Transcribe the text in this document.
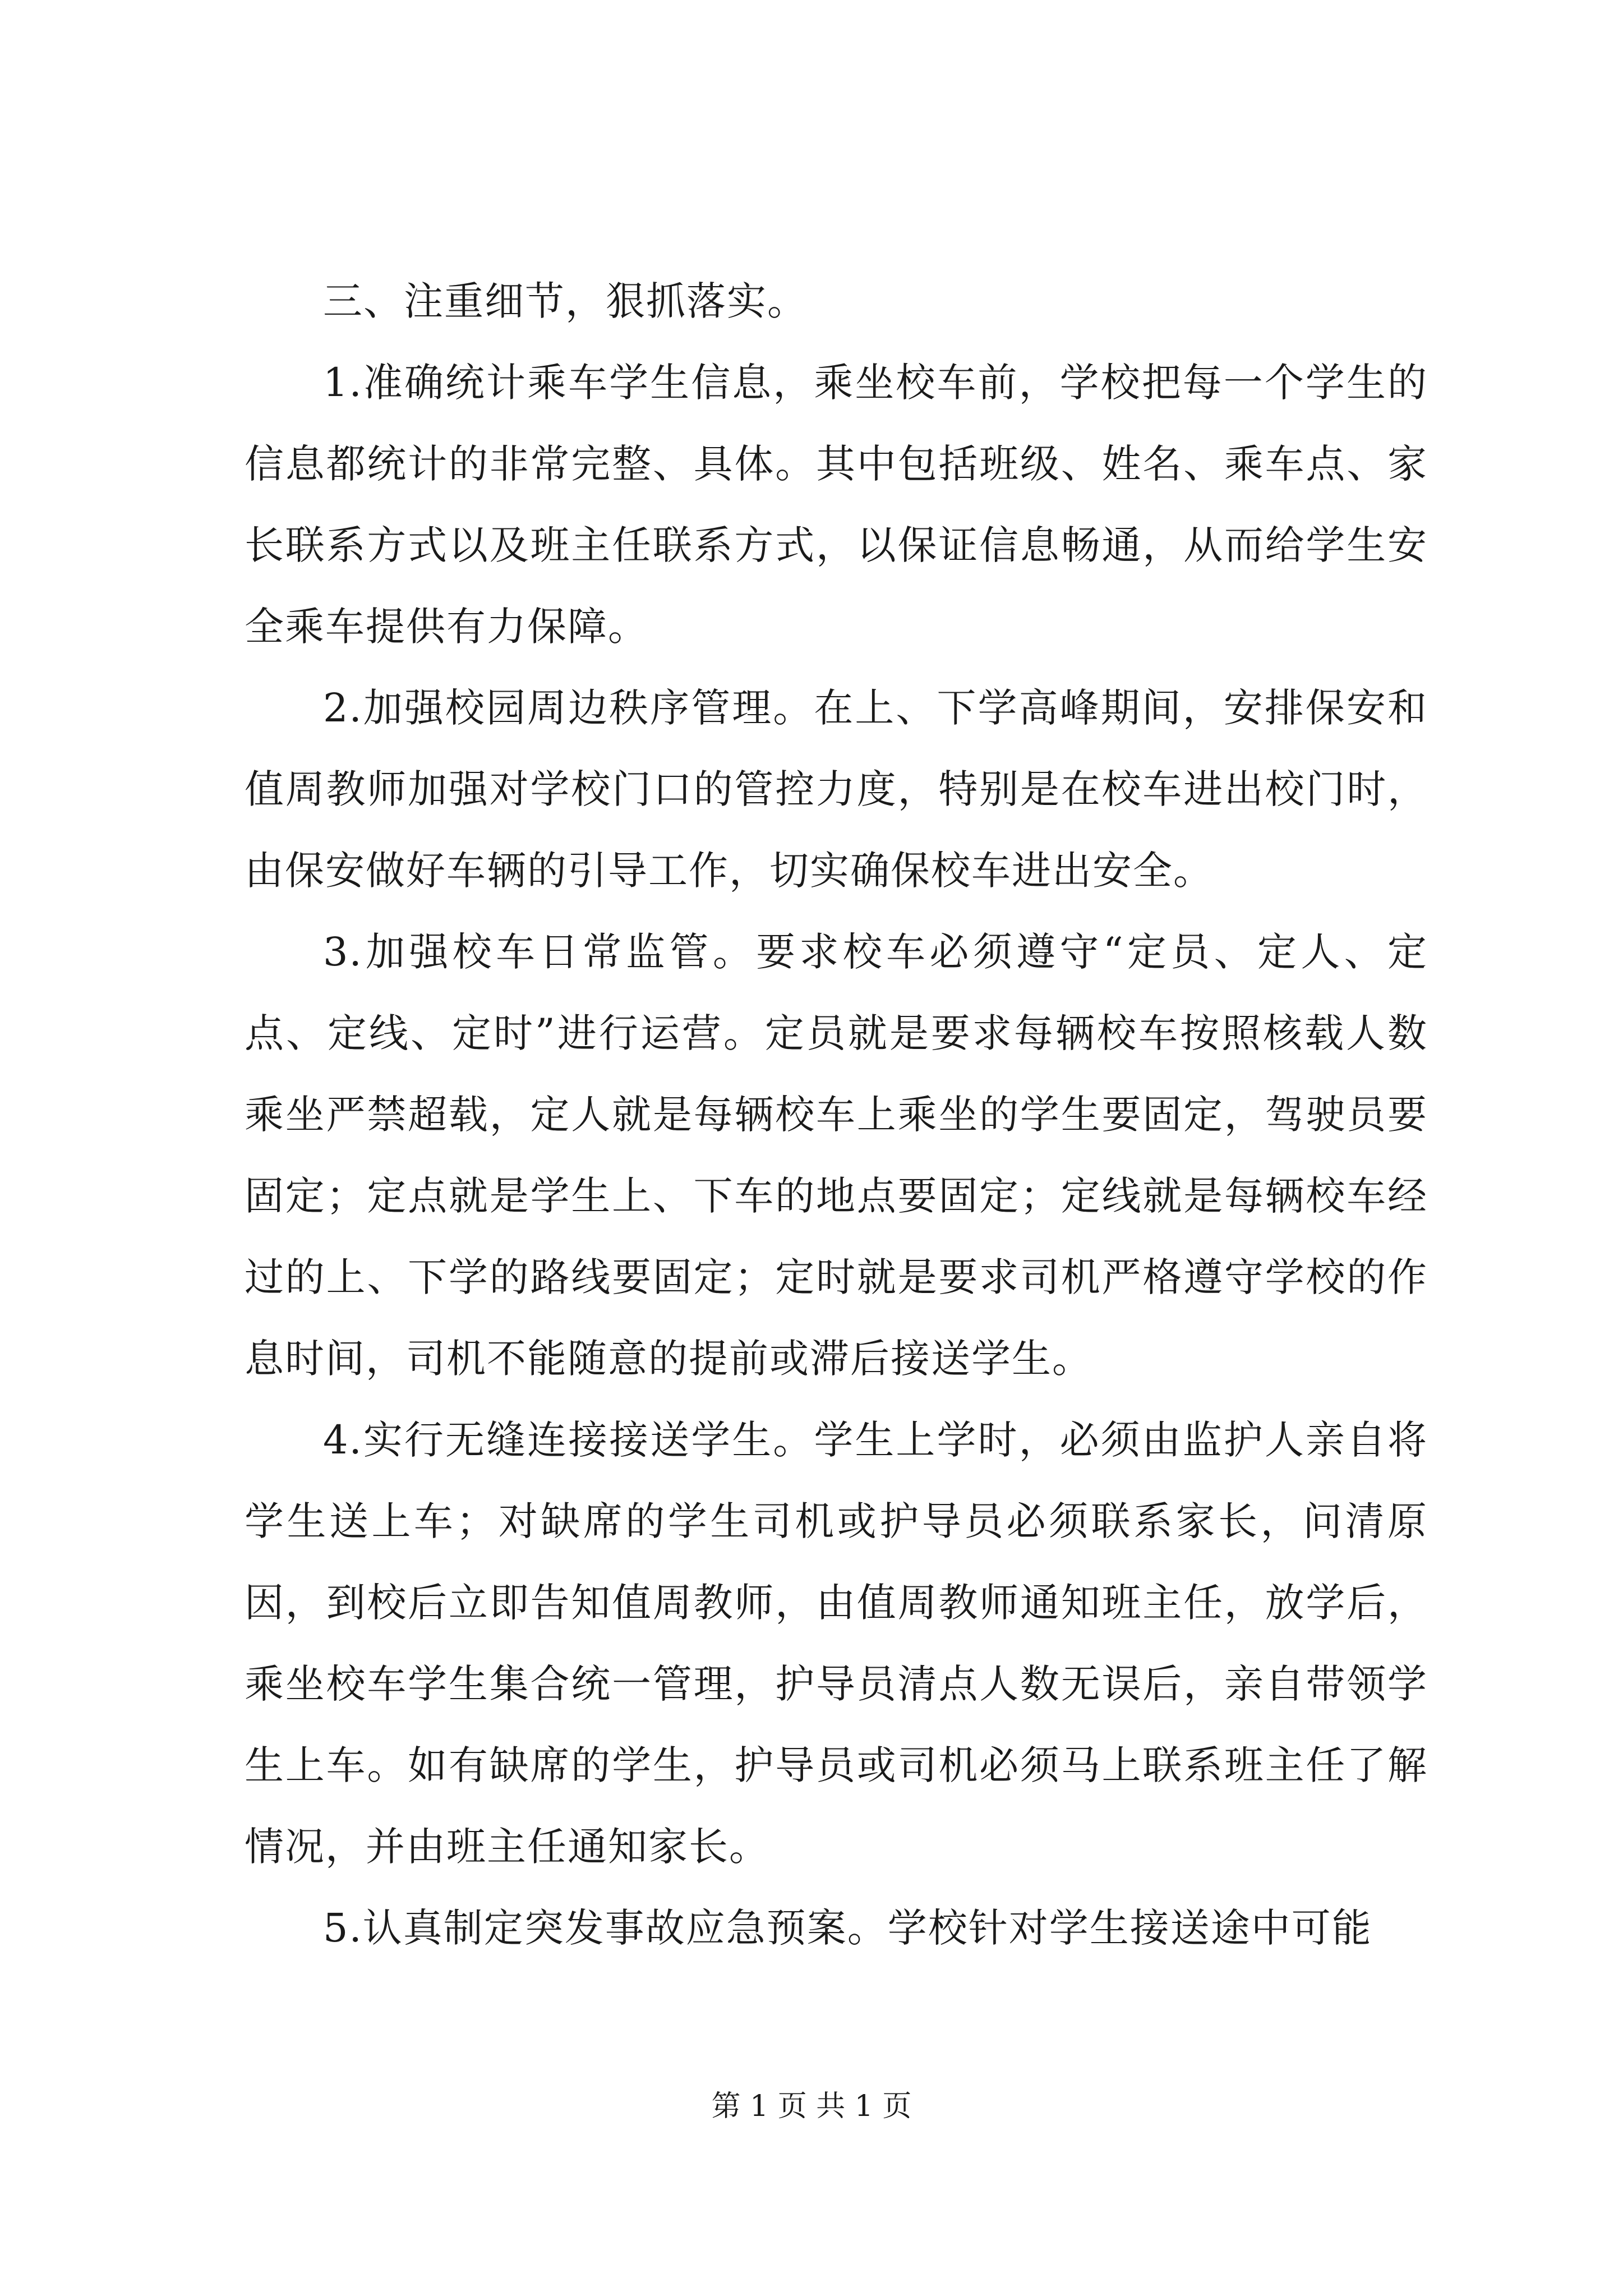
三、注重细节，狠抓落实。

1.准确统计乘车学生信息，乘坐校车前，学校把每一个学生的信息都统计的非常完整、具体。其中包括班级、姓名、乘车点、家长联系方式以及班主任联系方式，以保证信息畅通，从而给学生安全乘车提供有力保障。

2.加强校园周边秩序管理。在上、下学高峰期间，安排保安和值周教师加强对学校门口的管控力度，特别是在校车进出校门时，由保安做好车辆的引导工作，切实确保校车进出安全。

3.加强校车日常监管。要求校车必须遵守“定员、定人、定点、定线、定时”进行运营。定员就是要求每辆校车按照核载人数乘坐严禁超载，定人就是每辆校车上乘坐的学生要固定，驾驶员要固定；定点就是学生上、下车的地点要固定；定线就是每辆校车经过的上、下学的路线要固定；定时就是要求司机严格遵守学校的作息时间，司机不能随意的提前或滞后接送学生。

4.实行无缝连接接送学生。学生上学时，必须由监护人亲自将学生送上车；对缺席的学生司机或护导员必须联系家长，问清原因，到校后立即告知值周教师，由值周教师通知班主任，放学后，乘坐校车学生集合统一管理，护导员清点人数无误后，亲自带领学生上车。如有缺席的学生，护导员或司机必须马上联系班主任了解情况，并由班主任通知家长。

5.认真制定突发事故应急预案。学校针对学生接送途中可能

第 1 页 共 1 页
